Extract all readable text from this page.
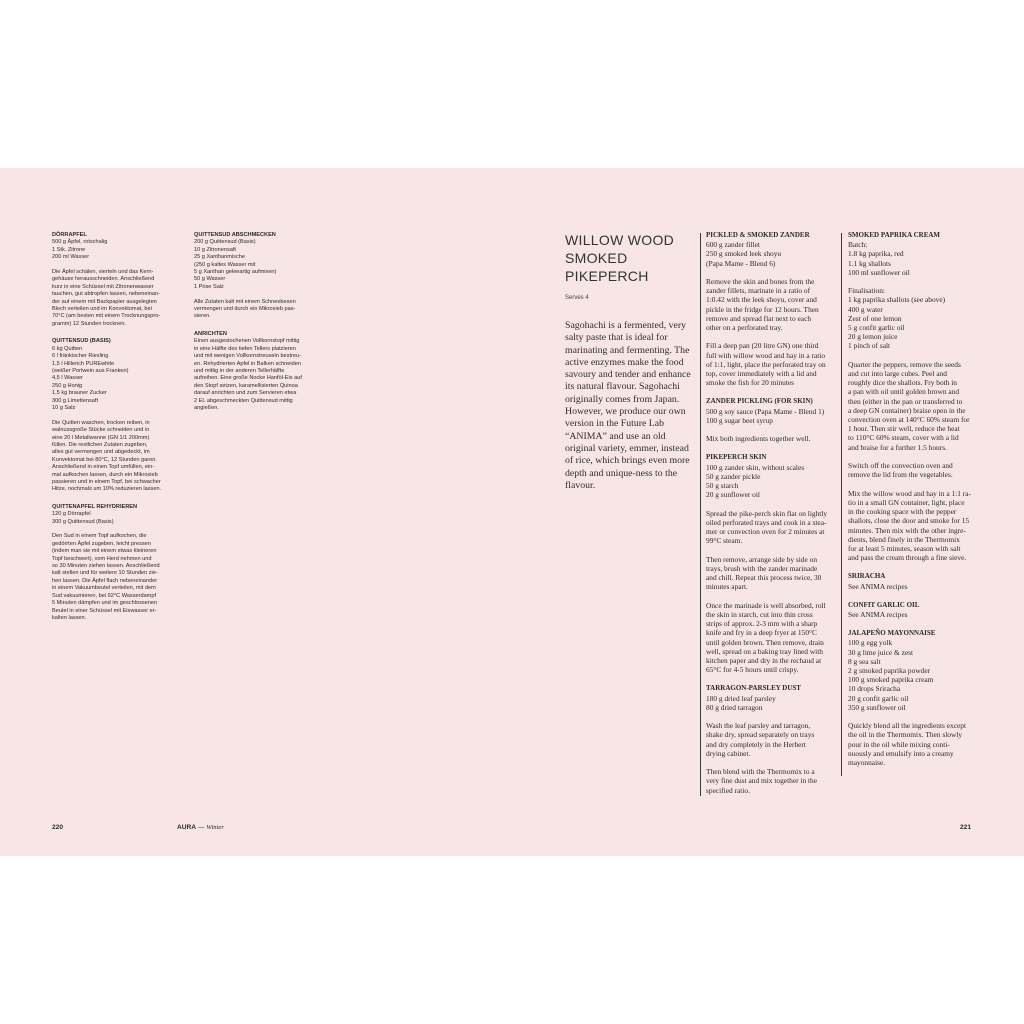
DÖRRAPFEL
500 g Äpfel, rotschalig
1 Stk. Zitrone
200 ml Wasser

Die Äpfel schälen, vierteln und das Kern-
gehäuse herausschneiden. Anschließend
kurz in eine Schüssel mit Zitronenwasser
tauchen, gut abtropfen lassen, nebeneinan-
der auf einem mit Backpapier ausgelegten
Blech verteilen und im Konvektomat, bei
70°C (am besten mit einem Trocknungspro-
gramm) 12 Stunden trocknen.
QUITTENSUD (BASIS)
6 kg Quitten
6 l fränkischer Riesling
1,5 l Hillerich PUREwhite
(weißer Portwein aus Franken)
4,5 l Wasser
250 g Honig
1,5 kg brauner Zucker
300 g Limettensaft
10 g Salz

Die Quitten waschen, trocken reiben, in
walnussgroße Stücke schneiden und in
eine 20 l Metallwanne (GN 1/1 200mm)
füllen. Die restlichen Zutaten zugeben,
alles gut vermengen und abgedeckt, im
Konvektomat bei 80°C, 12 Stunden garen.
Anschließend in einen Topf umfüllen, ein-
mal aufkochen lassen, durch ein Mikrosieb
passieren und in einem Topf, bei schwacher
Hitze, nochmals um 10% reduzieren lassen.
QUITTENAPFEL REHYDRIEREN
120 g Dörrapfel
300 g Quittensud (Basis)

Den Sud in einem Topf aufkochen, die
gedörrten Äpfel zugeben, leicht pressen
(indem man sie mit einem etwas kleineren
Topf beschwert), vom Herd nehmen und
so 30 Minuten ziehen lassen. Anschließend
kalt stellen und für weitere 10 Stunden zie-
hen lassen. Die Äpfel flach nebeneinander
in einem Vakuumbeutel verteilen, mit dem
Sud vakuumieren, bei 92°C Wasserdampf
5 Minuten dämpfen und im geschlossenen
Beutel in einer Schüssel mit Eiswasser er-
kalten lassen.
QUITTENSUD ABSCHMECKEN
200 g Quittensud (Basis)
10 g Zitronensaft
25 g Xanthanmische
(250 g kaltes Wasser mit
5 g Xanthan geleeartig aufmixen)
50 g Wasser
1 Prise Salz

Alle Zutaten kalt mit einem Schneebesen
vermengen und durch ein Mikrosieb pas-
sieren.
ANRICHTEN
Einen ausgestochenen Vollkornstopf mittig
in eine Hälfte des tiefen Tellers platzieren
und mit wenigen Vollkornstreuseln bestreu-
en. Rehydrierten Apfel in Balken schneiden
und mittig in der anderen Tellerhälfte
aufreihen. Eine große Nocke Hanföl-Eis auf
den Stopf setzen, karamellisierten Quinoa
darauf anrichten und zum Servieren etwa
2 EL abgeschmeckten Quittensud mittig
angießen.
WILLOW WOOD
SMOKED
PIKEPERCH
Serves 4
Sagohachi is a fermented, very salty paste that is ideal for marinating and fermenting. The active enzymes make the food savoury and tender and enhance its natural flavour. Sagohachi originally comes from Japan. However, we produce our own version in the Future Lab “ANIMA” and use an old original variety, emmer, instead of rice, which brings even more depth and unique-ness to the flavour.
PICKLED & SMOKED ZANDER
600 g zander fillet
250 g smoked leek shoyu
(Papa Mame - Blend 6)

Remove the skin and bones from the
zander fillets, marinate in a ratio of
1:0.42 with the leek shoyu, cover and
pickle in the fridge for 12 hours. Then
remove and spread flat next to each
other on a perforated tray.

Fill a deep pan (20 litre GN) one third
full with willow wood and hay in a ratio
of 1:1, light, place the perforated tray on
top, cover immediately with a lid and
smoke the fish for 20 minutes
ZANDER PICKLING (FOR SKIN)
500 g soy sauce (Papa Mame - Blend 1)
100 g sugar beet syrup

Mix both ingredients together well.
PIKEPERCH SKIN
100 g zander skin, without scales
50 g zander pickle
50 g starch
20 g sunflower oil

Spread the pike-perch skin flat on lightly
oiled perforated trays and cook in a stea-
mer or convection oven for 2 minutes at
99°C steam.

Then remove, arrange side by side on
trays, brush with the zander marinade
and chill. Repeat this process twice, 30
minutes apart.

Once the marinade is well absorbed, roll
the skin in starch, cut into thin cross
strips of approx. 2-3 mm with a sharp
knife and fry in a deep fryer at 150°C
until golden brown. Then remove, drain
well, spread on a baking tray lined with
kitchen paper and dry in the rechaud at
65°C for 4-5 hours until crispy.
TARRAGON-PARSLEY DUST
180 g dried leaf parsley
80 g dried tarragon

Wash the leaf parsley and tarragon,
shake dry, spread separately on trays
and dry completely in the Herbert
drying cabinet.

Then blend with the Thermomix to a
very fine dust and mix together in the
specified ratio.
SMOKED PAPRIKA CREAM
Batch:
1.8 kg paprika, red
1.1 kg shallots
100 ml sunflower oil

Finalisation:
1 kg paprika shallots (see above)
400 g water
Zest of one lemon
5 g confit garlic oil
20 g lemon juice
1 pinch of salt

Quarter the peppers, remove the seeds
and cut into large cubes. Peel and
roughly dice the shallots. Fry both in
a pan with oil until golden brown and
then (either in the pan or transferred to
a deep GN container) braise open in the
convection oven at 140°C 60% steam for
1 hour. Then stir well, reduce the heat
to 110°C 60% steam, cover with a lid
and braise for a further 1.5 hours.

Switch off the convection oven and
remove the lid from the vegetables.

Mix the willow wood and hay in a 1:1 ra-
tio in a small GN container, light, place
in the cooking space with the pepper
shallots, close the door and smoke for 15
minutes. Then mix with the other ingre-
dients, blend finely in the Thermomix
for at least 5 minutes, season with salt
and pass the cream through a fine sieve.
SRIRACHA
See ANIMA recipes
CONFIT GARLIC OIL
See ANIMA recipes
JALAPEÑO MAYONNAISE
100 g egg yolk
30 g lime juice & zest
8 g sea salt
2 g smoked paprika powder
100 g smoked paprika cream
10 drops Sriracha
20 g confit garlic oil
350 g sunflower oil

Quickly blend all the ingredients except
the oil in the Thermomix. Then slowly
pour in the oil while mixing conti-
nuously and emulsify into a creamy
mayonnaise.
220	AURA — Winter	221
